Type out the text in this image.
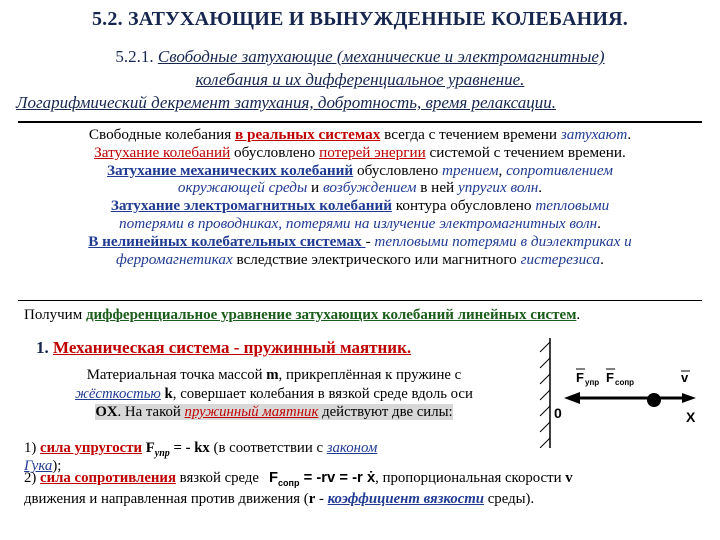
5.2. ЗАТУХАЮЩИЕ И ВЫНУЖДЕННЫЕ КОЛЕБАНИЯ.
5.2.1. Свободные затухающие (механические и электромагнитные)
колебания и их дифференциальное уравнение.
Логарифмический декремент затухания, добротность, время релаксации.
Свободные колебания в реальных системах всегда с течением времени затухают.
Затухание колебаний обусловлено потерей энергии системой с течением времени.
Затухание механических колебаний обусловлено трением, сопротивлением
окружающей среды и возбуждением в ней упругих волн.
Затухание электромагнитных колебаний контура обусловлено тепловыми
потерями в проводниках, потерями на излучение электромагнитных волн.
В нелинейных колебательных системах - тепловыми потерями в диэлектриках и
ферромагнетиках вследствие электрического или магнитного гистерезиса.
Получим дифференциальное уравнение затухающих колебаний линейных систем.
1. Механическая система - пружинный маятник.
Материальная точка массой m, прикреплённая к пружине с
жёсткостью k, совершает колебания в вязкой среде вдоль оси
OX. На такой пружинный маятник действуют две силы:
F упр F сопр	v
0	X
1) сила упругости $F_{упр}$ = - kx (в соответствии с законом
Гука);
2) сила сопротивления вязкой среде $F_{сопр} = -rv = -r$ ẋ, пропорциональная скорости v
движения и направленная против движения (r - коэффициент вязкости среды).
